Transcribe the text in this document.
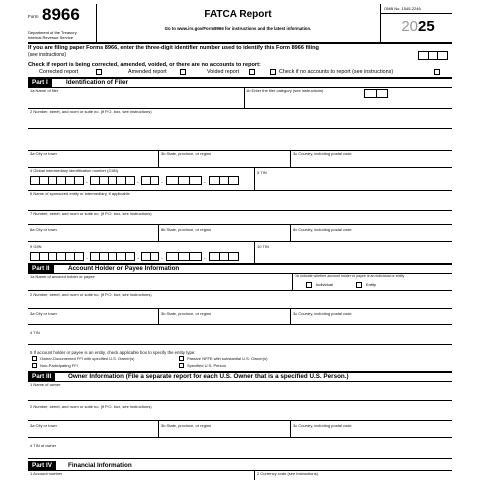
Form 8966
Department of the Treasury
Internal Revenue Service
FATCA Report
Go to www.irs.gov/Form8966 for instructions and the latest information.
OMB No. 1545-2246
2025
If you are filing paper Forms 8966, enter the three-digit identifier number used to identify this Form 8966 filing
(see instructions)
Check if report is being corrected, amended, voided, or there are no accounts to report:
Corrected report	Amended report	Voided report	Check if no accounts to report (see instructions)
Part I	Identification of Filer
1a Name of filer	1b Enter the filer category (see instructions)
2 Number, street, and room or suite no. (if P.O. box, see instructions)
3a City or town	3b State, province, or region	3c Country, including postal code
4 Global intermediary identification number (GIIN)	5 TIN
.	.	.	.
6 Name of sponsored entity or intermediary, if applicable
7 Number, street, and room or suite no. (if P.O. box, see instructions)
8a City or town	8b State, province, or region	8c Country, including postal code
9 GIIN	10 TIN
.	.	.	.
Part II	Account Holder or Payee Information
1a Name of account holder or payee	1b Indicate whether account holder or payee is an individual or entity
Individual	Entity
2 Number, street, and room or suite no. (if P.O. box, see instructions)
3a City or town	3b State, province, or region	3c Country, including postal code
4 TIN
5 If account holder or payee is an entity, check applicable box to specify the entity type:
Owner-Documented FFI with specified U.S. Owner(s)	Passive NFFE with substantial U.S. Owner(s)
Non-Participating FFI	Specified U.S. Person
Part III	Owner Information (File a separate report for each U.S. Owner that is a specified U.S. Person.)
1 Name of owner
2 Number, street, and room or suite no. (if P.O. box, see instructions)
3a City or town	3b State, province, or region	3c Country, including postal code
4 TIN of owner
Part IV	Financial Information
1 Account number	2 Currency code (see instructions)
